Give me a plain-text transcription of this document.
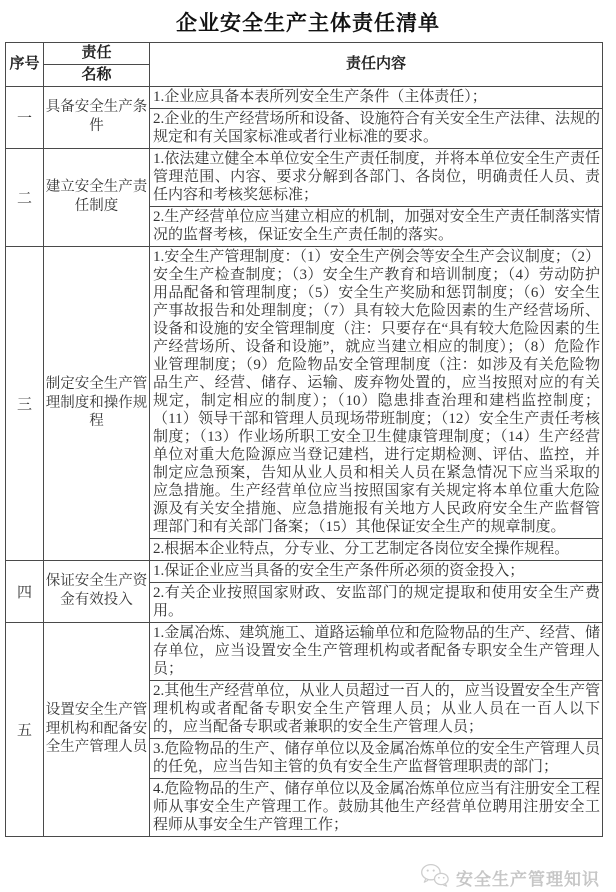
企业安全生产主体责任清单
序号	责任	责任内容
	名称	
一	具备安全生产条件	1.企业应具备本表所列安全生产条件（主体责任）；
		2.企业的生产经营场所和设备、设施符合有关安全生产法律、法规的规定和有关国家标准或者行业标准的要求。
二	建立安全生产责任制度	1.依法建立健全本单位安全生产责任制度，并将本单位安全生产责任管理范围、内容、要求分解到各部门、各岗位，明确责任人员、责任内容和考核奖惩标准；
		2.生产经营单位应当建立相应的机制，加强对安全生产责任制落实情况的监督考核，保证安全生产责任制的落实。
三	制定安全生产管理制度和操作规程	1.安全生产管理制度：（1）安全生产例会等安全生产会议制度；（2）安全生产检查制度；（3）安全生产教育和培训制度；（4）劳动防护用品配备和管理制度；（5）安全生产奖励和惩罚制度；（6）安全生产事故报告和处理制度；（7）具有较大危险因素的生产经营场所、设备和设施的安全管理制度（注：只要存在“具有较大危险因素的生产经营场所、设备和设施”，就应当建立相应的制度）；（8）危险作业管理制度；（9）危险物品安全管理制度（注：如涉及有关危险物品生产、经营、储存、运输、废弃物处置的，应当按照对应的有关规定，制定相应的制度）；（10）隐患排查治理和建档监控制度；（11）领导干部和管理人员现场带班制度；（12）安全生产责任考核制度；（13）作业场所职工安全卫生健康管理制度；（14）生产经营单位对重大危险源应当登记建档，进行定期检测、评估、监控，并制定应急预案，告知从业人员和相关人员在紧急情况下应当采取的应急措施。生产经营单位应当按照国家有关规定将本单位重大危险源及有关安全措施、应急措施报有关地方人民政府安全生产监督管理部门和有关部门备案；（15）其他保证安全生产的规章制度。
		2.根据本企业特点，分专业、分工艺制定各岗位安全操作规程。
四	保证安全生产资金有效投入	1.保证企业应当具备的安全生产条件所必须的资金投入；
		2.有关企业按照国家财政、安监部门的规定提取和使用安全生产费用。
五	设置安全生产管理机构和配备安全生产管理人员	1.金属冶炼、建筑施工、道路运输单位和危险物品的生产、经营、储存单位，应当设置安全生产管理机构或者配备专职安全生产管理人员；
		2.其他生产经营单位，从业人员超过一百人的，应当设置安全生产管理机构或者配备专职安全生产管理人员；从业人员在一百人以下的，应当配备专职或者兼职的安全生产管理人员；
		3.危险物品的生产、储存单位以及金属冶炼单位的安全生产管理人员的任免，应当告知主管的负有安全生产监督管理职责的部门；
		4.危险物品的生产、储存单位以及金属冶炼单位应当有注册安全工程师从事安全生产管理工作。鼓励其他生产经营单位聘用注册安全工程师从事安全生产管理工作；
安全生产管理知识
